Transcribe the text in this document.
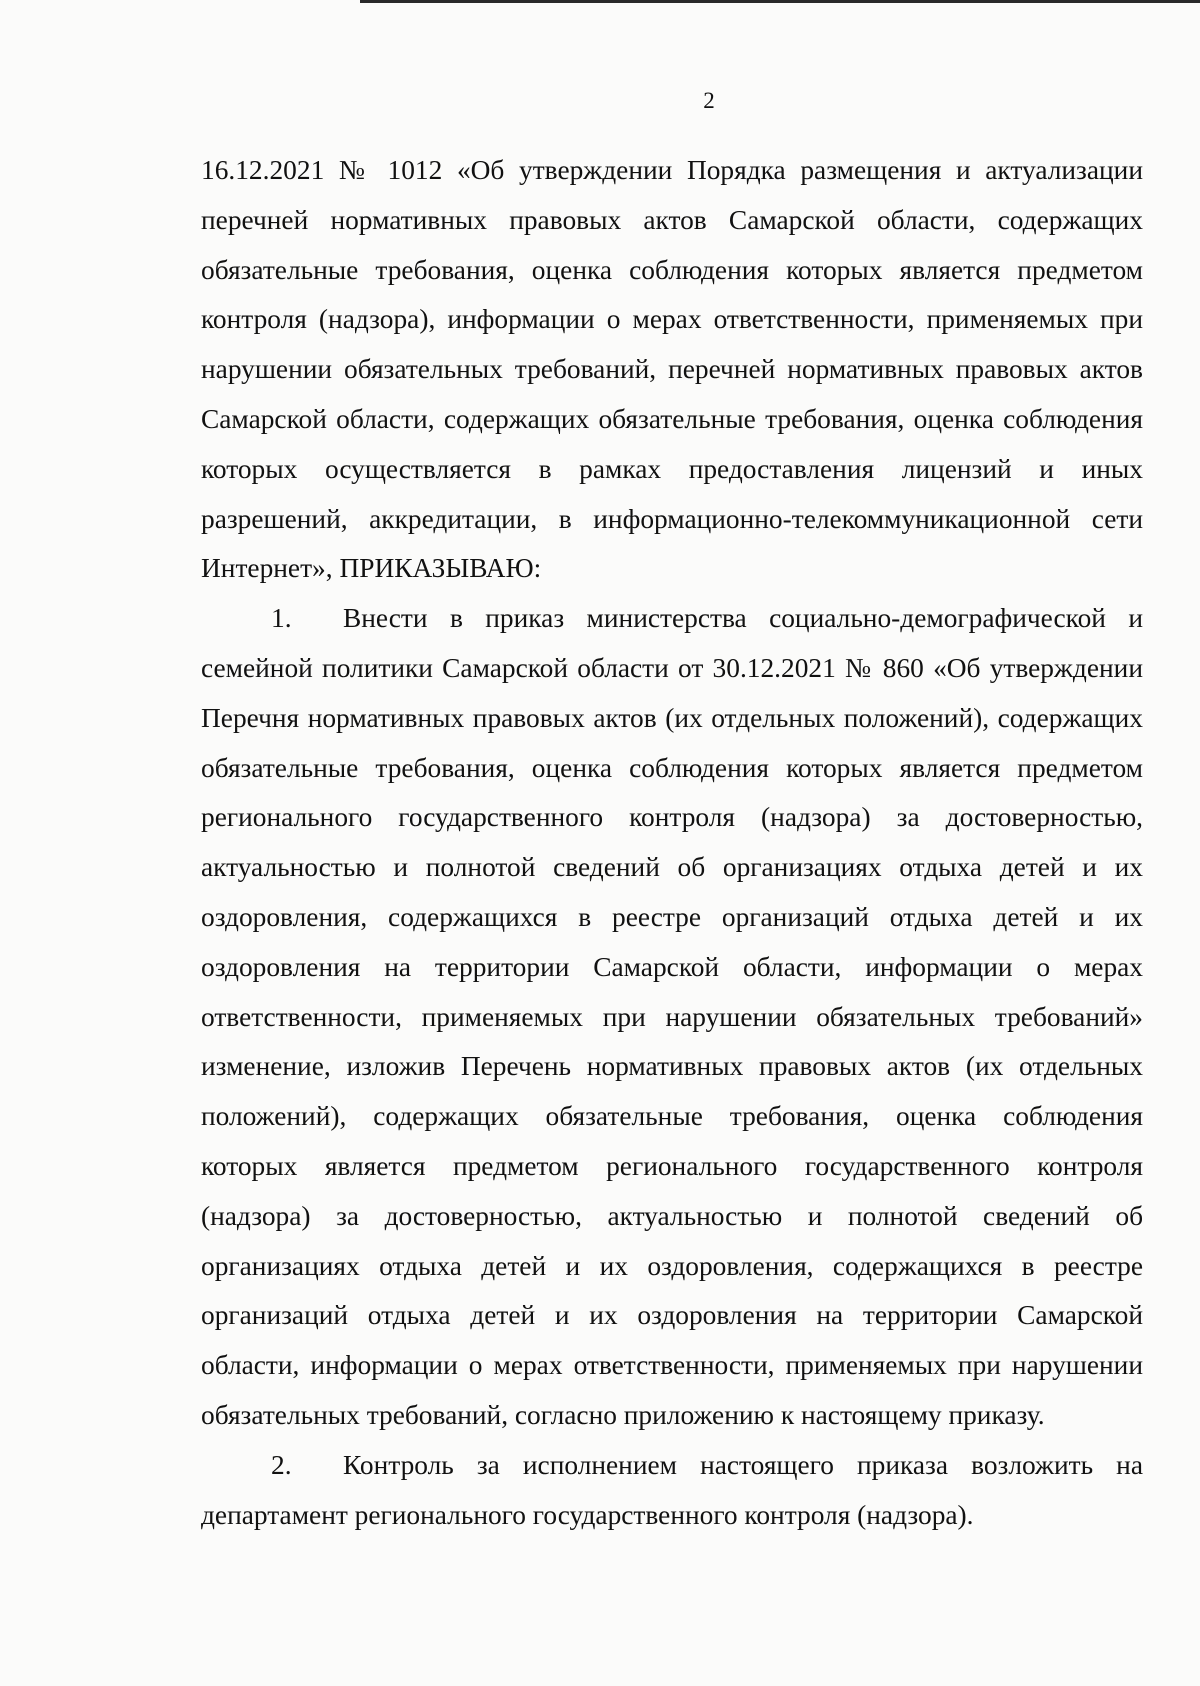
2

16.12.2021 № 1012 «Об утверждении Порядка размещения и актуализации перечней нормативных правовых актов Самарской области, содержащих обязательные требования, оценка соблюдения которых является предметом контроля (надзора), информации о мерах ответственности, применяемых при нарушении обязательных требований, перечней нормативных правовых актов Самарской области, содержащих обязательные требования, оценка соблюдения которых осуществляется в рамках предоставления лицензий и иных разрешений, аккредитации, в информационно-телекоммуникационной сети Интернет», ПРИКАЗЫВАЮ:

1. Внести в приказ министерства социально-демографической и семейной политики Самарской области от 30.12.2021 № 860 «Об утверждении Перечня нормативных правовых актов (их отдельных положений), содержащих обязательные требования, оценка соблюдения которых является предметом регионального государственного контроля (надзора) за достоверностью, актуальностью и полнотой сведений об организациях отдыха детей и их оздоровления, содержащихся в реестре организаций отдыха детей и их оздоровления на территории Самарской области, информации о мерах ответственности, применяемых при нарушении обязательных требований» изменение, изложив Перечень нормативных правовых актов (их отдельных положений), содержащих обязательные требования, оценка соблюдения которых является предметом регионального государственного контроля (надзора) за достоверностью, актуальностью и полнотой сведений об организациях отдыха детей и их оздоровления, содержащихся в реестре организаций отдыха детей и их оздоровления на территории Самарской области, информации о мерах ответственности, применяемых при нарушении обязательных требований, согласно приложению к настоящему приказу.

2. Контроль за исполнением настоящего приказа возложить на департамент регионального государственного контроля (надзора).
